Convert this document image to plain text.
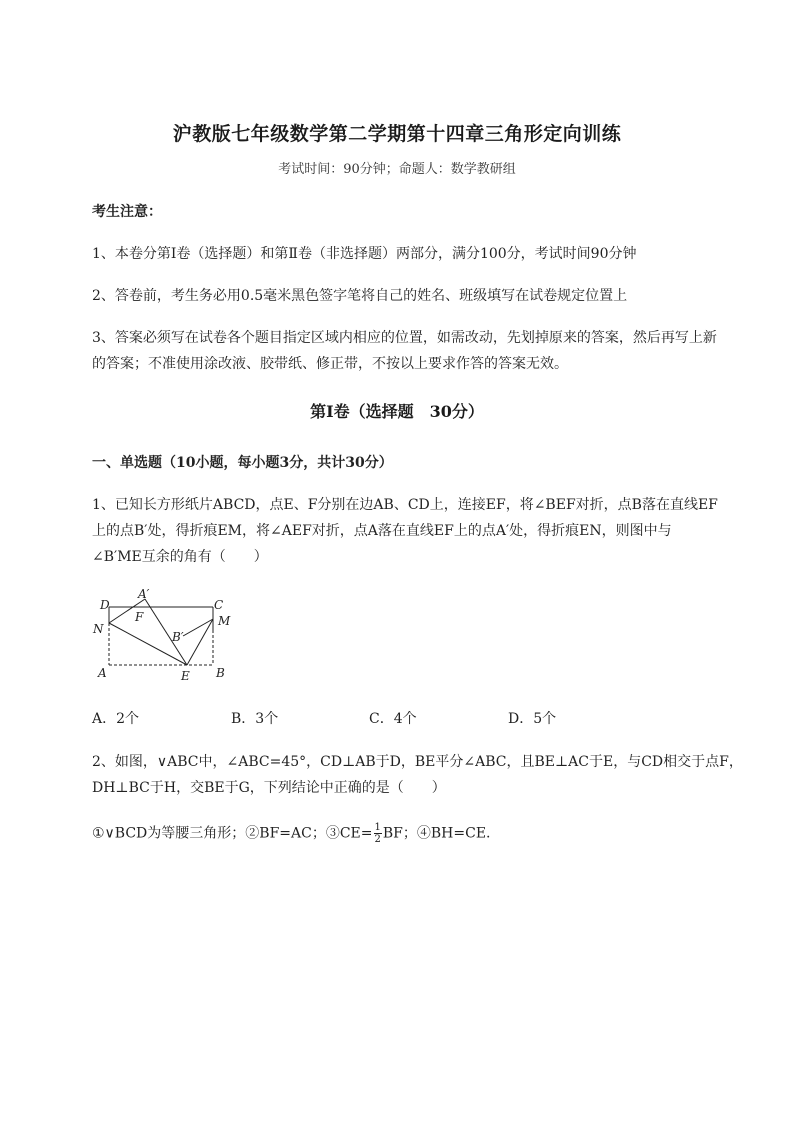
沪教版七年级数学第二学期第十四章三角形定向训练
考试时间：90分钟；命题人：数学教研组
考生注意：
1、本卷分第I卷（选择题）和第Ⅱ卷（非选择题）两部分，满分100分，考试时间90分钟
2、答卷前，考生务必用0.5毫米黑色签字笔将自己的姓名、班级填写在试卷规定位置上
3、答案必须写在试卷各个题目指定区域内相应的位置，如需改动，先划掉原来的答案，然后再写上新
的答案；不准使用涂改液、胶带纸、修正带，不按以上要求作答的答案无效。
第I卷（选择题　30分）
一、单选题（10小题，每小题3分，共计30分）
1、已知长方形纸片ABCD，点E、F分别在边AB、CD上，连接EF，将∠BEF对折，点B落在直线EF
上的点B′处，得折痕EM，将∠AEF对折，点A落在直线EF上的点A′处，得折痕EN，则图中与
∠B′ME互余的角有（　　）
D
A′
C
F
N
M
B′
A	E B
A．2个	B．3个	C．4个	D．5个
2、如图，∨ABC中，∠ABC=45°，CD⊥AB于D，BE平分∠ABC，且BE⊥AC于E，与CD相交于点F，
DH⊥BC于H，交BE于G，下列结论中正确的是（　　）
①∨BCD为等腰三角形；②BF=AC；③CE= $\frac{1}{2}$ BF；④BH=CE.
